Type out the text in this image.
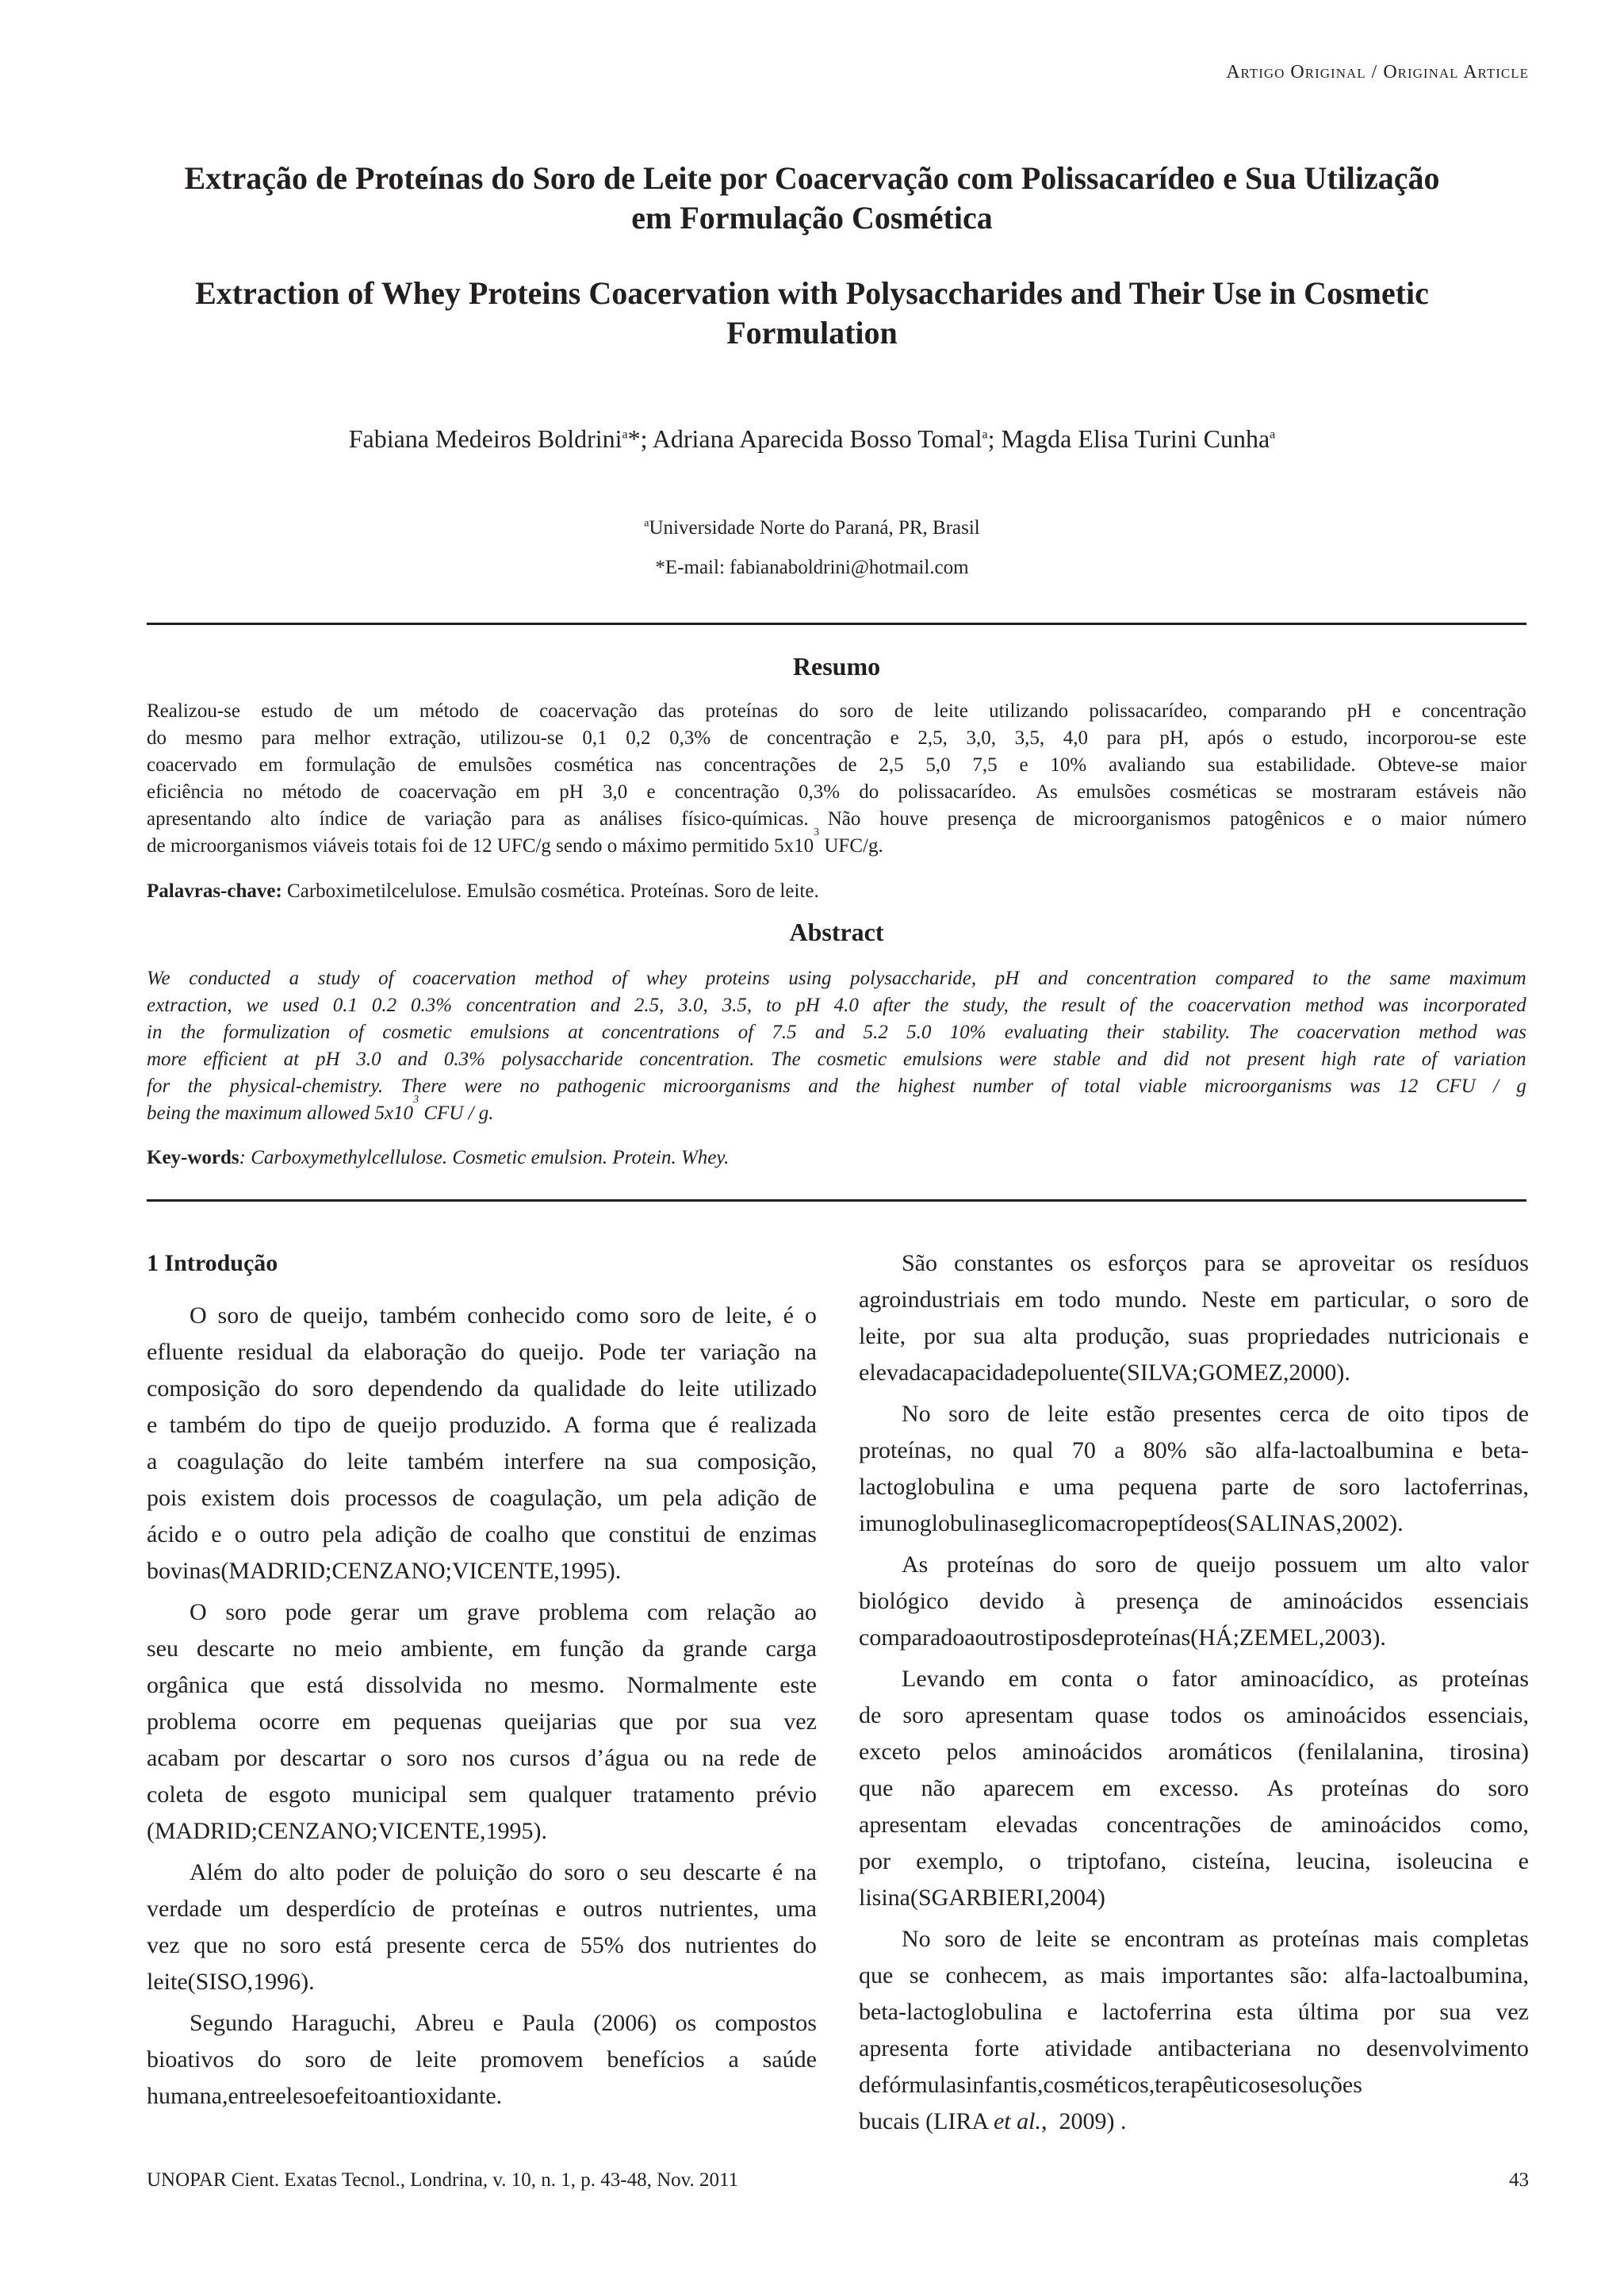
Artigo Original / Original Article
Extração de Proteínas do Soro de Leite por Coacervação com Polissacarídeo e Sua Utilização
em Formulação Cosmética
Extraction of Whey Proteins Coacervation with Polysaccharides and Their Use in Cosmetic
Formulation
Fabiana Medeiros Boldrini$^a$*; Adriana Aparecida Bosso Tomal$^a$; Magda Elisa Turini Cunha$^a$
$^a$Universidade Norte do Paraná, PR, Brasil
*E-mail: fabianaboldrini@hotmail.com
Resumo
Realizou-se estudo de um método de coacervação das proteínas do soro de leite utilizando polissacarídeo, comparando pH e concentração
do mesmo para melhor extração, utilizou-se 0,1 0,2 0,3% de concentração e 2,5, 3,0, 3,5, 4,0 para pH, após o estudo, incorporou-se este
coacervado em formulação de emulsões cosmética nas concentrações de 2,5 5,0 7,5 e 10% avaliando sua estabilidade. Obteve-se maior
eficiência no método de coacervação em pH 3,0 e concentração 0,3% do polissacarídeo. As emulsões cosméticas se mostraram estáveis não
apresentando alto índice de variação para as análises físico-químicas. Não houve presença de microorganismos patogênicos e o maior número
de microorganismos viáveis totais foi de 12 UFC/g sendo o máximo permitido 5x10
3
UFC/g.
Palavras-chave: Carboximetilcelulose. Emulsão cosmética. Proteínas. Soro de leite.
Abstract
We conducted a study of coacervation method of whey proteins using polysaccharide, pH and concentration compared to the same maximum
extraction, we used 0.1 0.2 0.3% concentration and 2.5, 3.0, 3.5, to pH 4.0 after the study, the result of the coacervation method was incorporated
in the formulization of cosmetic emulsions at concentrations of 7.5 and 5.2 5.0 10% evaluating their stability. The coacervation method was
more efficient at pH 3.0 and 0.3% polysaccharide concentration. The cosmetic emulsions were stable and did not present high rate of variation
for the physical-chemistry. There were no pathogenic microorganisms and the highest number of total viable microorganisms was 12 CFU / g
being the maximum allowed 5x10
3
CFU / g.
Key-words: Carboxymethylcellulose. Cosmetic emulsion. Protein. Whey.
1 Introdução
O soro de queijo, também conhecido como soro de leite, é o
efluente residual da elaboração do queijo. Pode ter variação na
composição do soro dependendo da qualidade do leite utilizado
e também do tipo de queijo produzido. A forma que é realizada
a coagulação do leite também interfere na sua composição,
pois existem dois processos de coagulação, um pela adição de
ácido e o outro pela adição de coalho que constitui de enzimas
bovinas (MADRID; CENZANO; VICENTE, 1995).
O soro pode gerar um grave problema com relação ao
seu descarte no meio ambiente, em função da grande carga
orgânica que está dissolvida no mesmo. Normalmente este
problema ocorre em pequenas queijarias que por sua vez
acabam por descartar o soro nos cursos d’água ou na rede de
coleta de esgoto municipal sem qualquer tratamento prévio
(MADRID; CENZANO; VICENTE, 1995).
Além do alto poder de poluição do soro o seu descarte é na
verdade um desperdício de proteínas e outros nutrientes, uma
vez que no soro está presente cerca de 55% dos nutrientes do
leite (SISO, 1996).
Segundo Haraguchi, Abreu e Paula (2006) os compostos
bioativos do soro de leite promovem benefícios a saúde
humana, entre eles o efeito antioxidante.
São constantes os esforços para se aproveitar os resíduos
agroindustriais em todo mundo. Neste em particular, o soro de
leite, por sua alta produção, suas propriedades nutricionais e
elevada capacidade poluente (SILVA; GOMEZ, 2000).
No soro de leite estão presentes cerca de oito tipos de
proteínas, no qual 70 a 80% são alfa-lactoalbumina e beta-
lactoglobulina e uma pequena parte de soro lactoferrinas,
imunoglobulinas e glicomacropeptídeos (SALINAS, 2002).
As proteínas do soro de queijo possuem um alto valor
biológico devido à presença de aminoácidos essenciais
comparado a outros tipos de proteínas (HÁ; ZEMEL, 2003).
Levando em conta o fator aminoacídico, as proteínas
de soro apresentam quase todos os aminoácidos essenciais,
exceto pelos aminoácidos aromáticos (fenilalanina, tirosina)
que não aparecem em excesso. As proteínas do soro
apresentam elevadas concentrações de aminoácidos como,
por exemplo, o triptofano, cisteína, leucina, isoleucina e
lisina (SGARBIERI, 2004)
No soro de leite se encontram as proteínas mais completas
que se conhecem, as mais importantes são: alfa-lactoalbumina,
beta-lactoglobulina e lactoferrina esta última por sua vez
apresenta forte atividade antibacteriana no desenvolvimento
de fórmulas infantis, cosméticos, terapêuticos e soluções
bucais (LIRA et al., 2009) .
UNOPAR Cient. Exatas Tecnol., Londrina, v. 10, n. 1, p. 43-48, Nov. 2011	43
